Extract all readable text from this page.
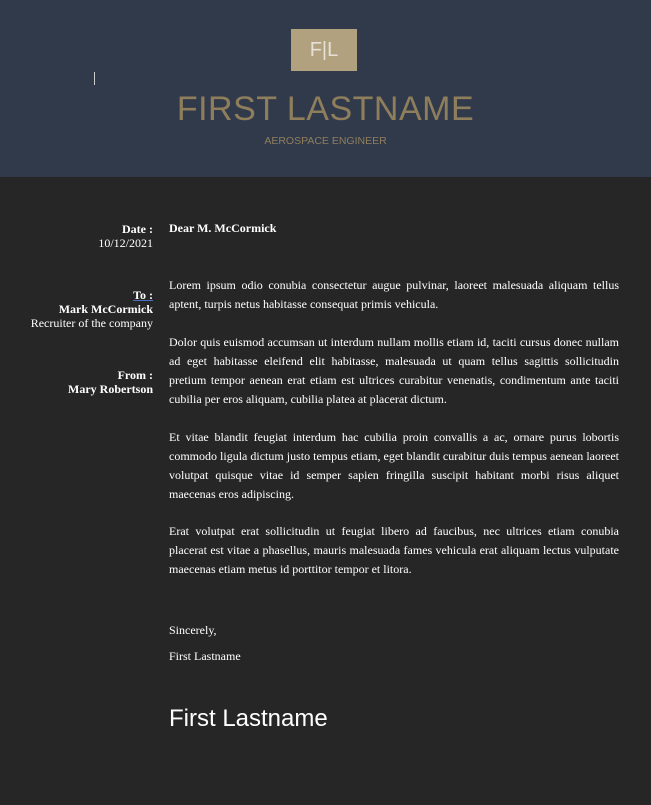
F|L
FIRST LASTNAME
AEROSPACE ENGINEER
Date :
10/12/2021
To :
Mark McCormick
Recruiter of the company
From :
Mary Robertson
Dear M. McCormick
Lorem ipsum odio conubia consectetur augue pulvinar, laoreet malesuada aliquam tellus aptent, turpis netus habitasse consequat primis vehicula.
Dolor quis euismod accumsan ut interdum nullam mollis etiam id, taciti cursus donec nullam ad eget habitasse eleifend elit habitasse, malesuada ut quam tellus sagittis sollicitudin pretium tempor aenean erat etiam est ultrices curabitur venenatis, condimentum ante taciti cubilia per eros aliquam, cubilia platea at placerat dictum.
Et vitae blandit feugiat interdum hac cubilia proin convallis a ac, ornare purus lobortis commodo ligula dictum justo tempus etiam, eget blandit curabitur duis tempus aenean laoreet volutpat quisque vitae id semper sapien fringilla suscipit habitant morbi risus aliquet maecenas eros adipiscing.
Erat volutpat erat sollicitudin ut feugiat libero ad faucibus, nec ultrices etiam conubia placerat est vitae a phasellus, mauris malesuada fames vehicula erat aliquam lectus vulputate maecenas etiam metus id porttitor tempor et litora.
Sincerely,
First Lastname
First Lastname
